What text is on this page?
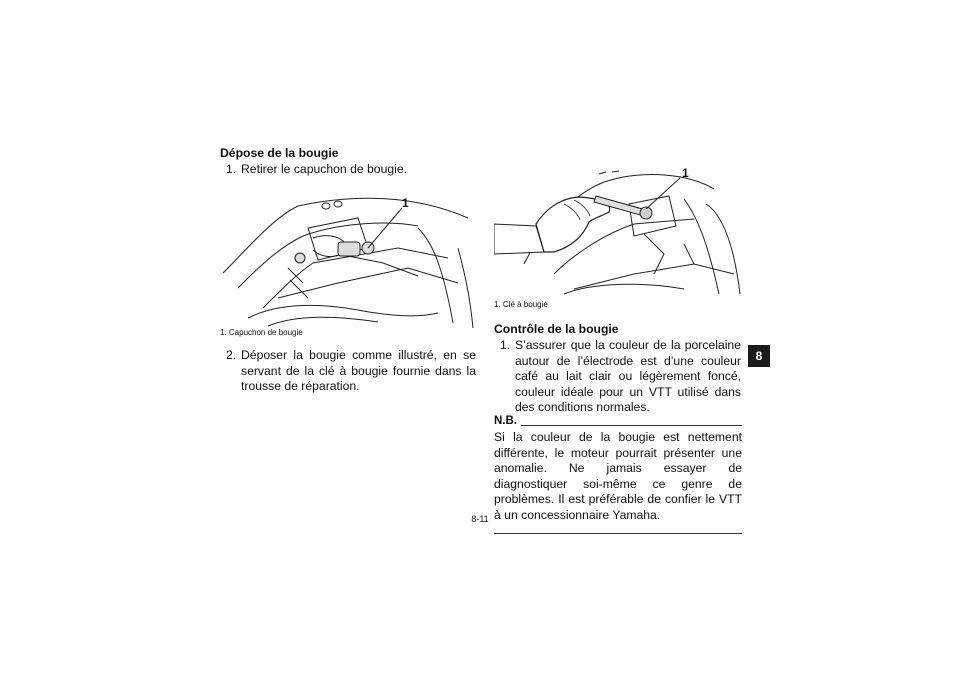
Dépose de la bougie
1. Retirer le capuchon de bougie.
1
1. Capuchon de bougie
2. Déposer la bougie comme illustré, en se servant de la clé à bougie fournie dans la trousse de réparation.
1
1. Clé à bougie
Contrôle de la bougie
1. S’assurer que la couleur de la porcelaine autour de l’électrode est d’une couleur café au lait clair ou légèrement foncé, couleur idéale pour un VTT utilisé dans des conditions normales.
N.B.
Si la couleur de la bougie est nettement différente, le moteur pourrait présenter une anomalie. Ne jamais essayer de diagnostiquer soi-même ce genre de problèmes. Il est préférable de confier le VTT à un concessionnaire Yamaha.
8
8-11
